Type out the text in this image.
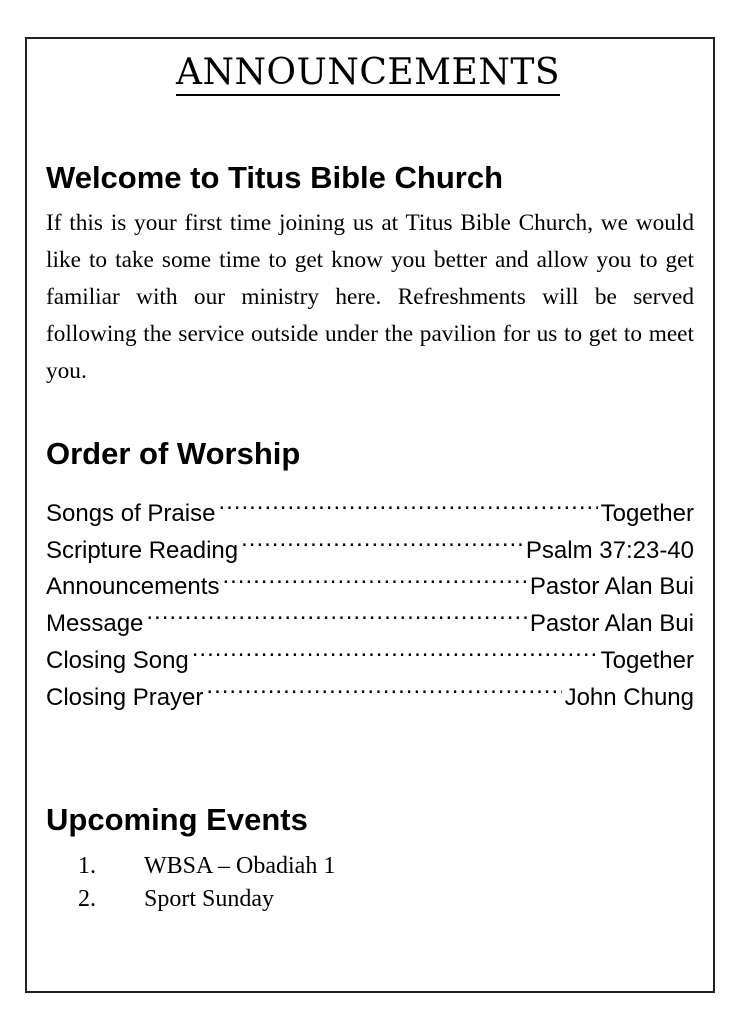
ANNOUNCEMENTS
Welcome to Titus Bible Church

If this is your first time joining us at Titus Bible Church, we would like to take some time to get know you better and allow you to get familiar with our ministry here. Refreshments will be served following the service outside under the pavilion for us to get to meet you.

Order of Worship
Songs of Praise .....	Together
Scripture Reading .....	Psalm 37:23-40
Announcements .....	Pastor Alan Bui
Message .....	Pastor Alan Bui
Closing Song .....	Together
Closing Prayer .....	John Chung
Upcoming Events
1. WBSA – Obadiah 1
2. Sport Sunday
